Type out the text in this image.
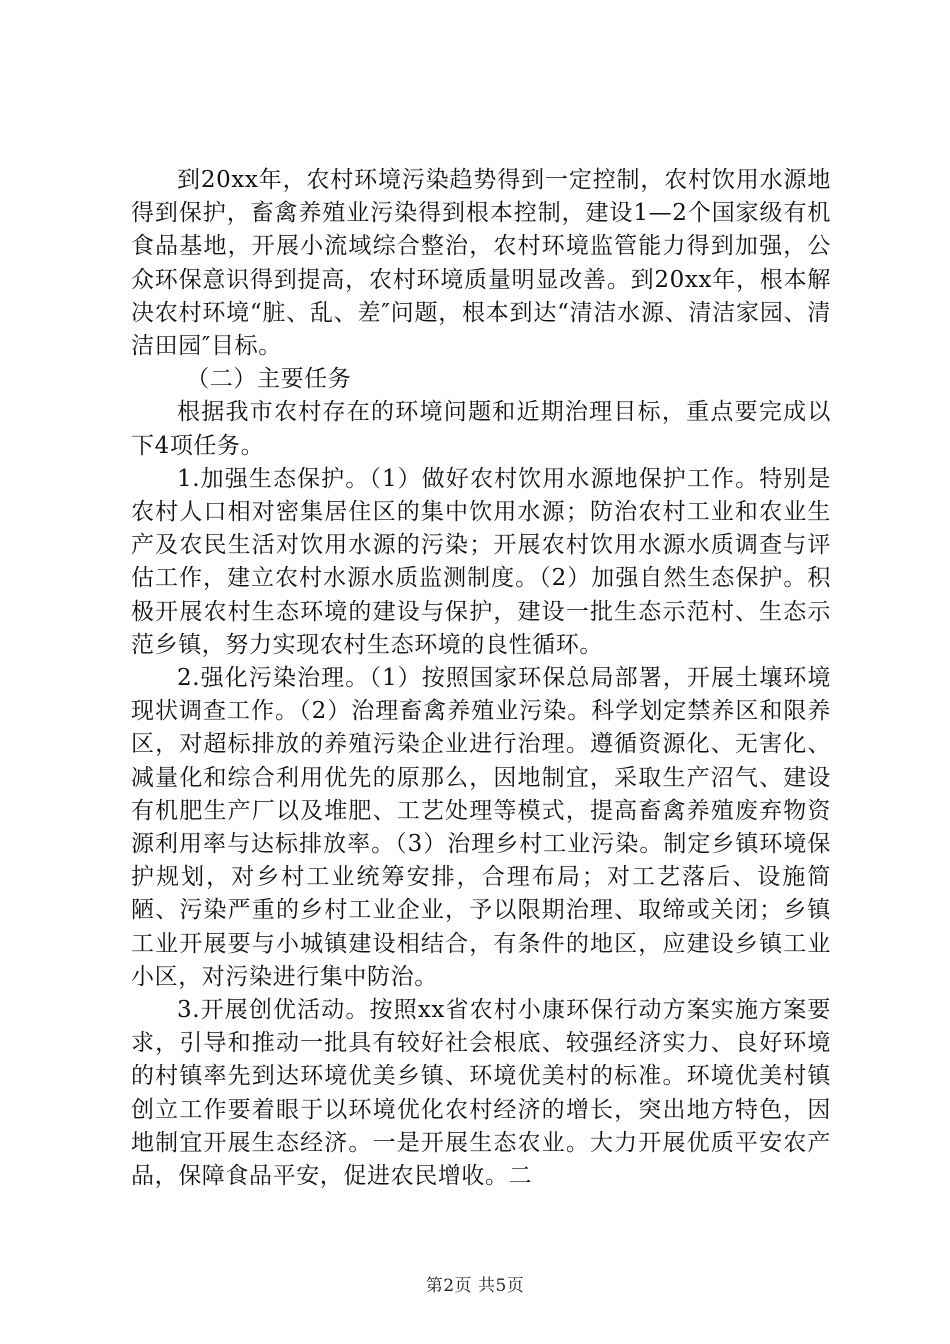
到20xx年，农村环境污染趋势得到一定控制，农村饮用水源地得到保护，畜禽养殖业污染得到根本控制，建设1—2个国家级有机食品基地，开展小流域综合整治，农村环境监管能力得到加强，公众环保意识得到提高，农村环境质量明显改善。到20xx年，根本解决农村环境“脏、乱、差″问题，根本到达“清洁水源、清洁家园、清洁田园″目标。

（二）主要任务

根据我市农村存在的环境问题和近期治理目标，重点要完成以下4项任务。

1.加强生态保护。（1）做好农村饮用水源地保护工作。特别是农村人口相对密集居住区的集中饮用水源；防治农村工业和农业生产及农民生活对饮用水源的污染；开展农村饮用水源水质调查与评估工作，建立农村水源水质监测制度。（2）加强自然生态保护。积极开展农村生态环境的建设与保护，建设一批生态示范村、生态示范乡镇，努力实现农村生态环境的良性循环。

2.强化污染治理。（1）按照国家环保总局部署，开展土壤环境现状调查工作。（2）治理畜禽养殖业污染。科学划定禁养区和限养区，对超标排放的养殖污染企业进行治理。遵循资源化、无害化、减量化和综合利用优先的原那么，因地制宜，采取生产沼气、建设有机肥生产厂以及堆肥、工艺处理等模式，提高畜禽养殖废弃物资源利用率与达标排放率。（3）治理乡村工业污染。制定乡镇环境保护规划，对乡村工业统筹安排，合理布局；对工艺落后、设施简陋、污染严重的乡村工业企业，予以限期治理、取缔或关闭；乡镇工业开展要与小城镇建设相结合，有条件的地区，应建设乡镇工业小区，对污染进行集中防治。

3.开展创优活动。按照xx省农村小康环保行动方案实施方案要求，引导和推动一批具有较好社会根底、较强经济实力、良好环境的村镇率先到达环境优美乡镇、环境优美村的标准。环境优美村镇创立工作要着眼于以环境优化农村经济的增长，突出地方特色，因地制宜开展生态经济。一是开展生态农业。大力开展优质平安农产品，保障食品平安，促进农民增收。二

第2页 共5页
